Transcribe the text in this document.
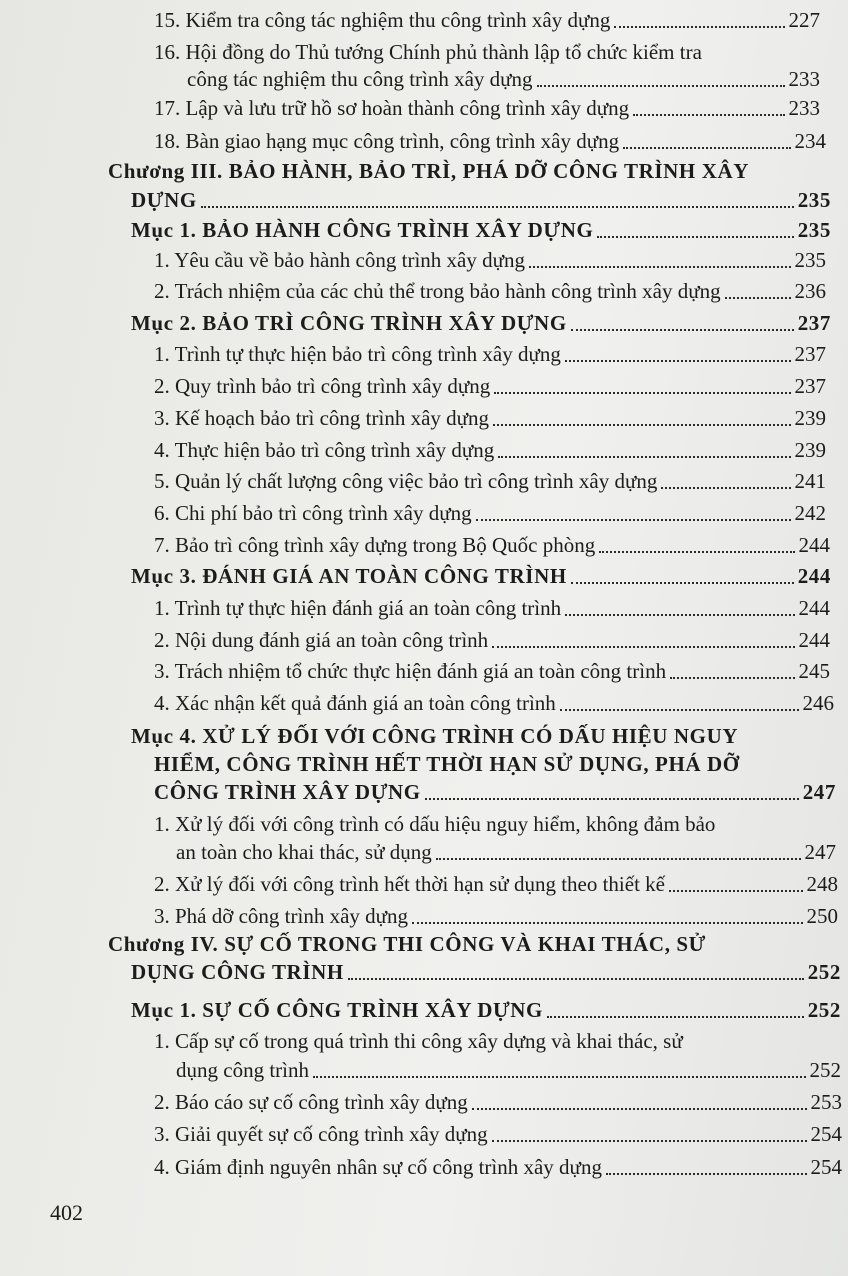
15. Kiểm tra công tác nghiệm thu công trình xây dựng	227
16. Hội đồng do Thủ tướng Chính phủ thành lập tổ chức kiểm tra
công tác nghiệm thu công trình xây dựng	233
17. Lập và lưu trữ hồ sơ hoàn thành công trình xây dựng	233
18. Bàn giao hạng mục công trình, công trình xây dựng	234
Chương III. BẢO HÀNH, BẢO TRÌ, PHÁ DỠ CÔNG TRÌNH XÂY
DỰNG	235
Mục 1. BẢO HÀNH CÔNG TRÌNH XÂY DỰNG	235
1. Yêu cầu về bảo hành công trình xây dựng	235
2. Trách nhiệm của các chủ thể trong bảo hành công trình xây dựng	236
Mục 2. BẢO TRÌ CÔNG TRÌNH XÂY DỰNG	237
1. Trình tự thực hiện bảo trì công trình xây dựng	237
2. Quy trình bảo trì công trình xây dựng	237
3. Kế hoạch bảo trì công trình xây dựng	239
4. Thực hiện bảo trì công trình xây dựng	239
5. Quản lý chất lượng công việc bảo trì công trình xây dựng	241
6. Chi phí bảo trì công trình xây dựng	242
7. Bảo trì công trình xây dựng trong Bộ Quốc phòng	244
Mục 3. ĐÁNH GIÁ AN TOÀN CÔNG TRÌNH	244
1. Trình tự thực hiện đánh giá an toàn công trình	244
2. Nội dung đánh giá an toàn công trình	244
3. Trách nhiệm tổ chức thực hiện đánh giá an toàn công trình	245
4. Xác nhận kết quả đánh giá an toàn công trình	246
Mục 4. XỬ LÝ ĐỐI VỚI CÔNG TRÌNH CÓ DẤU HIỆU NGUY
HIỂM, CÔNG TRÌNH HẾT THỜI HẠN SỬ DỤNG, PHÁ DỠ
CÔNG TRÌNH XÂY DỰNG	247
1. Xử lý đối với công trình có dấu hiệu nguy hiểm, không đảm bảo
an toàn cho khai thác, sử dụng	247
2. Xử lý đối với công trình hết thời hạn sử dụng theo thiết kế	248
3. Phá dỡ công trình xây dựng	250
Chương IV. SỰ CỐ TRONG THI CÔNG VÀ KHAI THÁC, SỬ
DỤNG CÔNG TRÌNH	252
Mục 1. SỰ CỐ CÔNG TRÌNH XÂY DỰNG	252
1. Cấp sự cố trong quá trình thi công xây dựng và khai thác, sử
dụng công trình	252
2. Báo cáo sự cố công trình xây dựng	253
3. Giải quyết sự cố công trình xây dựng	254
4. Giám định nguyên nhân sự cố công trình xây dựng	254
402
